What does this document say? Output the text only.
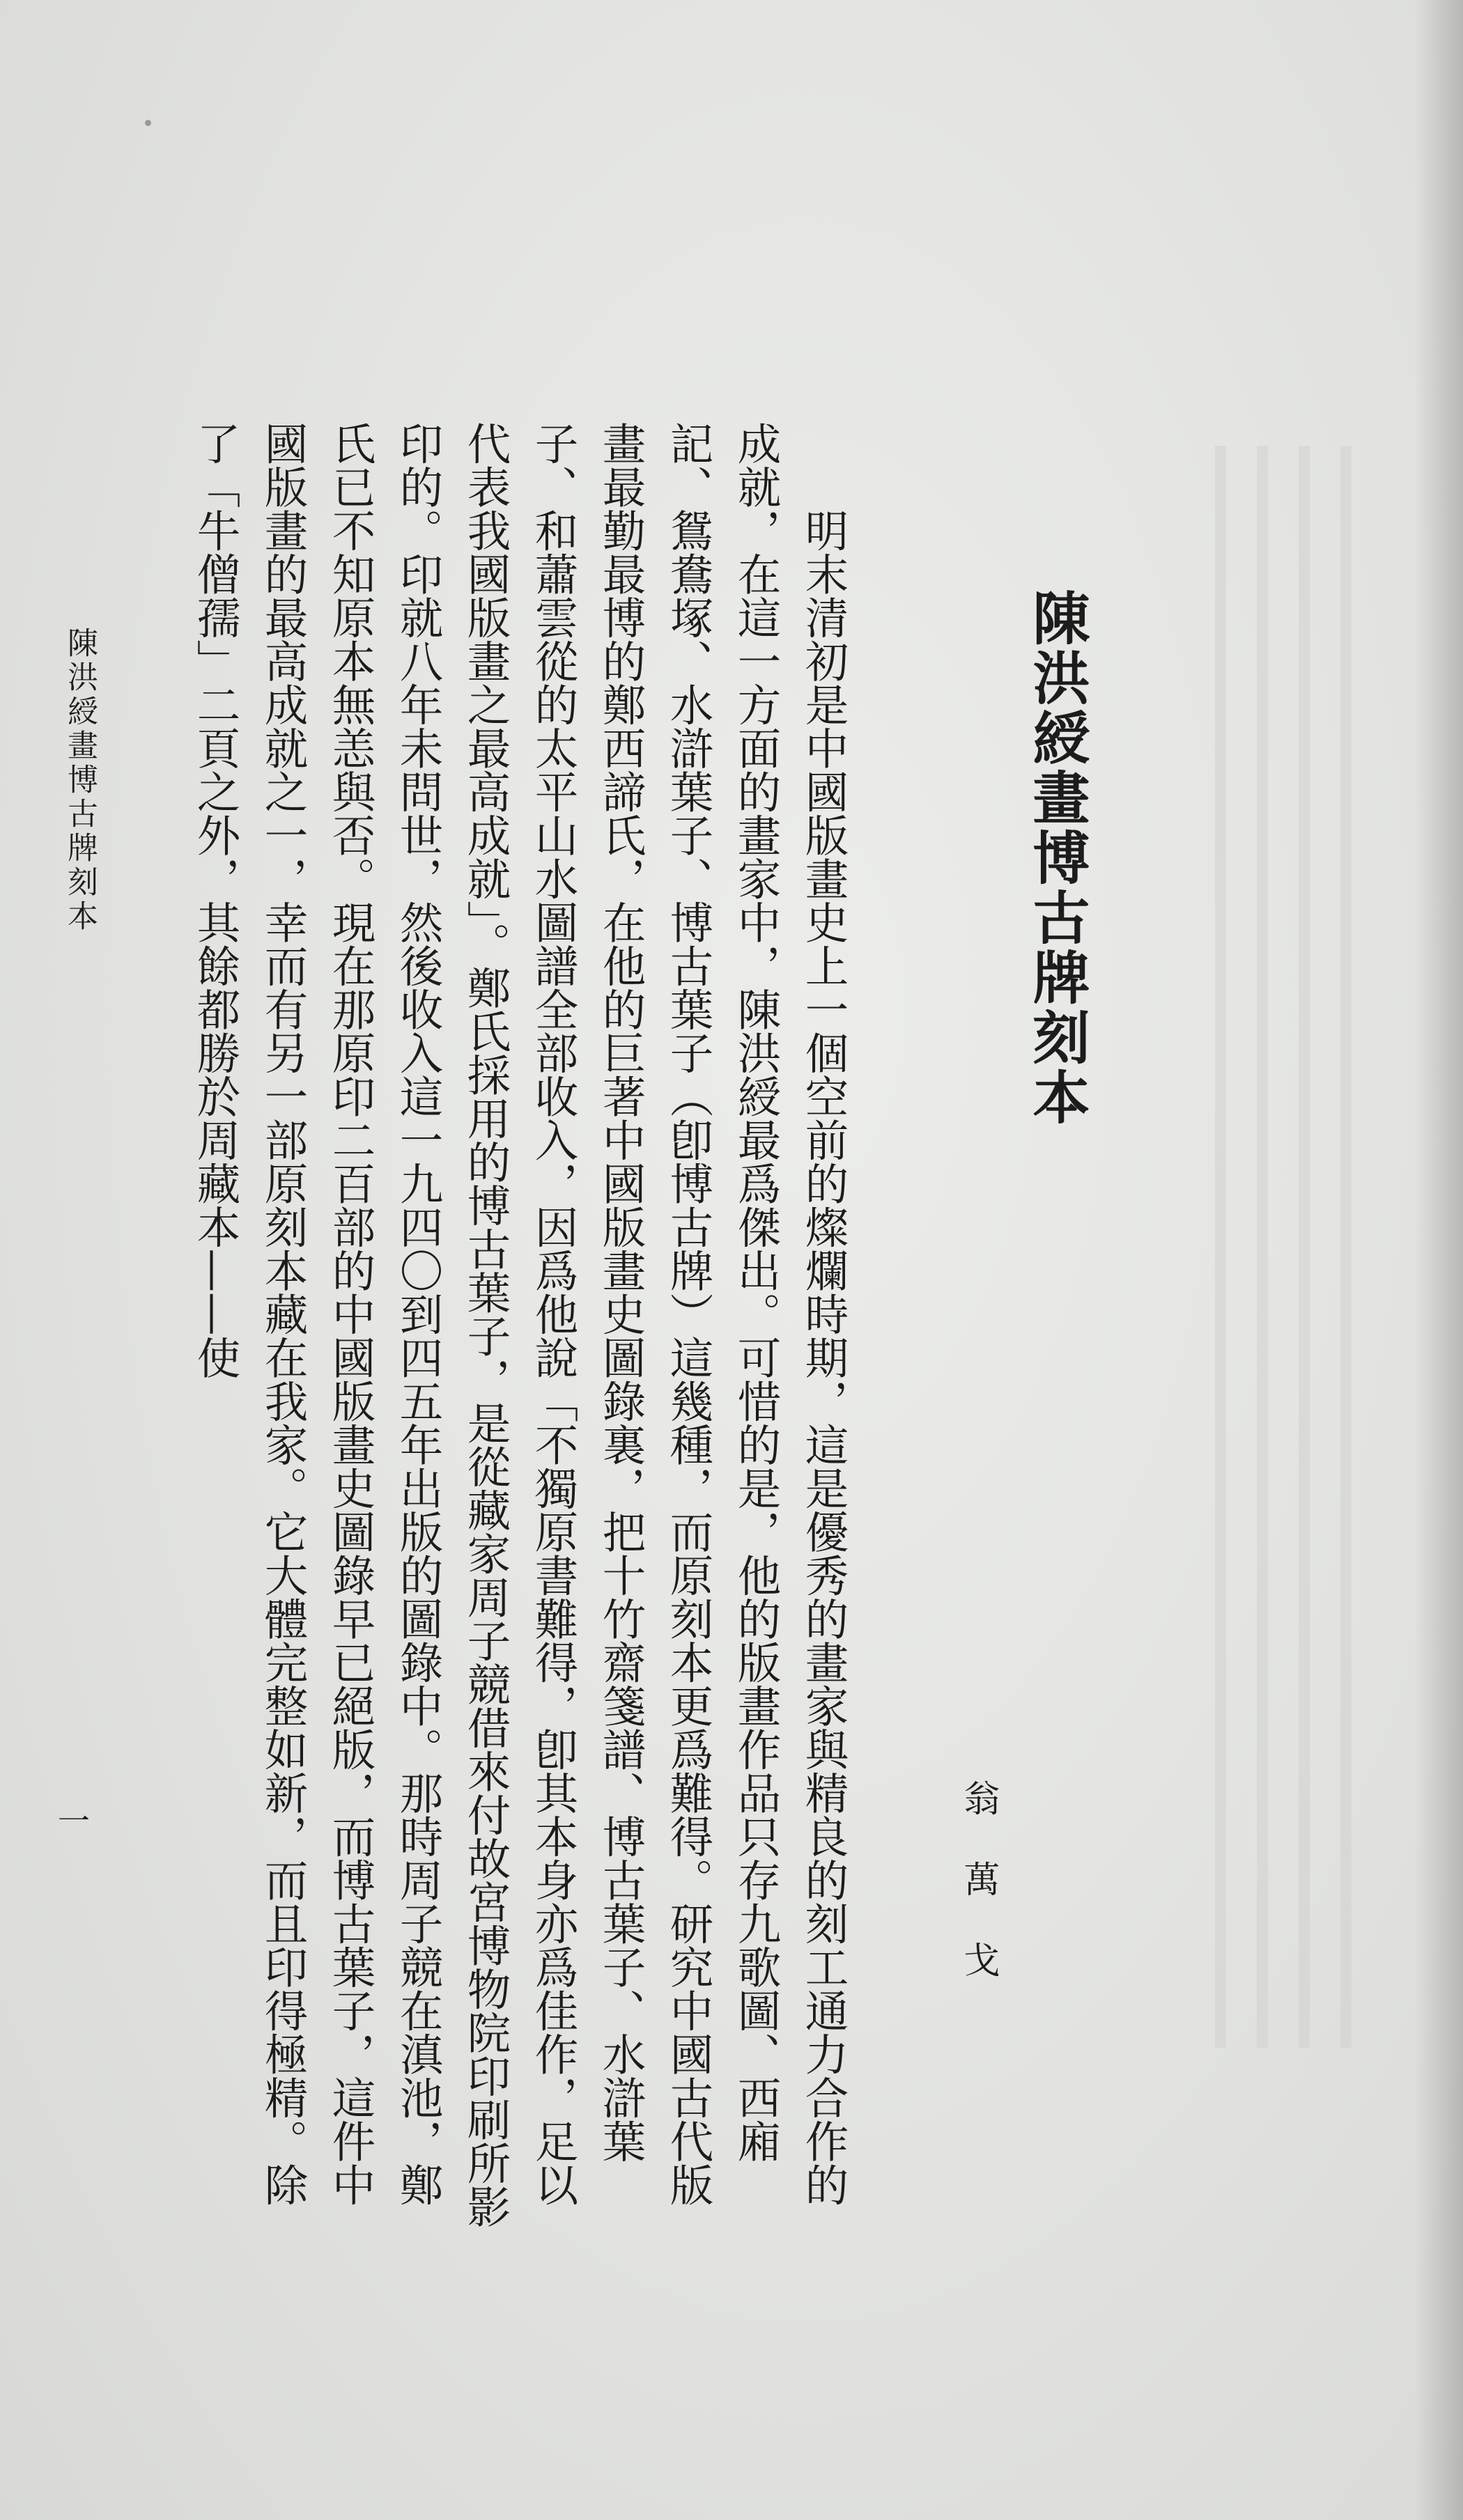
陳洪綬畫博古牌刻本
翁萬戈

明末清初是中國版畫史上一個空前的燦爛時期，這是優秀的畫家與精良的刻工通力合作的成就，在這一方面的畫家中，陳洪綬最爲傑出。可惜的是，他的版畫作品只存九歌圖、西廂記、鴛鴦塚、水滸葉子、博古葉子（卽博古牌）這幾種，而原刻本更爲難得。研究中國古代版畫最勤最博的鄭西諦氏，在他的巨著中國版畫史圖錄裏，把十竹齋箋譜、博古葉子、水滸葉子、和蕭雲從的太平山水圖譜全部收入，因爲他說「不獨原書難得，卽其本身亦爲佳作，足以代表我國版畫之最高成就」。鄭氏採用的博古葉子，是從藏家周子競借來付故宮博物院印刷所影印的。印就八年未問世，然後收入這一九四〇到四五年出版的圖錄中。那時周子競在滇池，鄭氏已不知原本無恙與否。現在那原印二百部的中國版畫史圖錄早已絕版，而博古葉子，這件中國版畫的最高成就之一，幸而有另一部原刻本藏在我家。它大體完整如新，而且印得極精。除了「牛僧孺」二頁之外，其餘都勝於周藏本——使

陳洪綬畫博古牌刻本
一
